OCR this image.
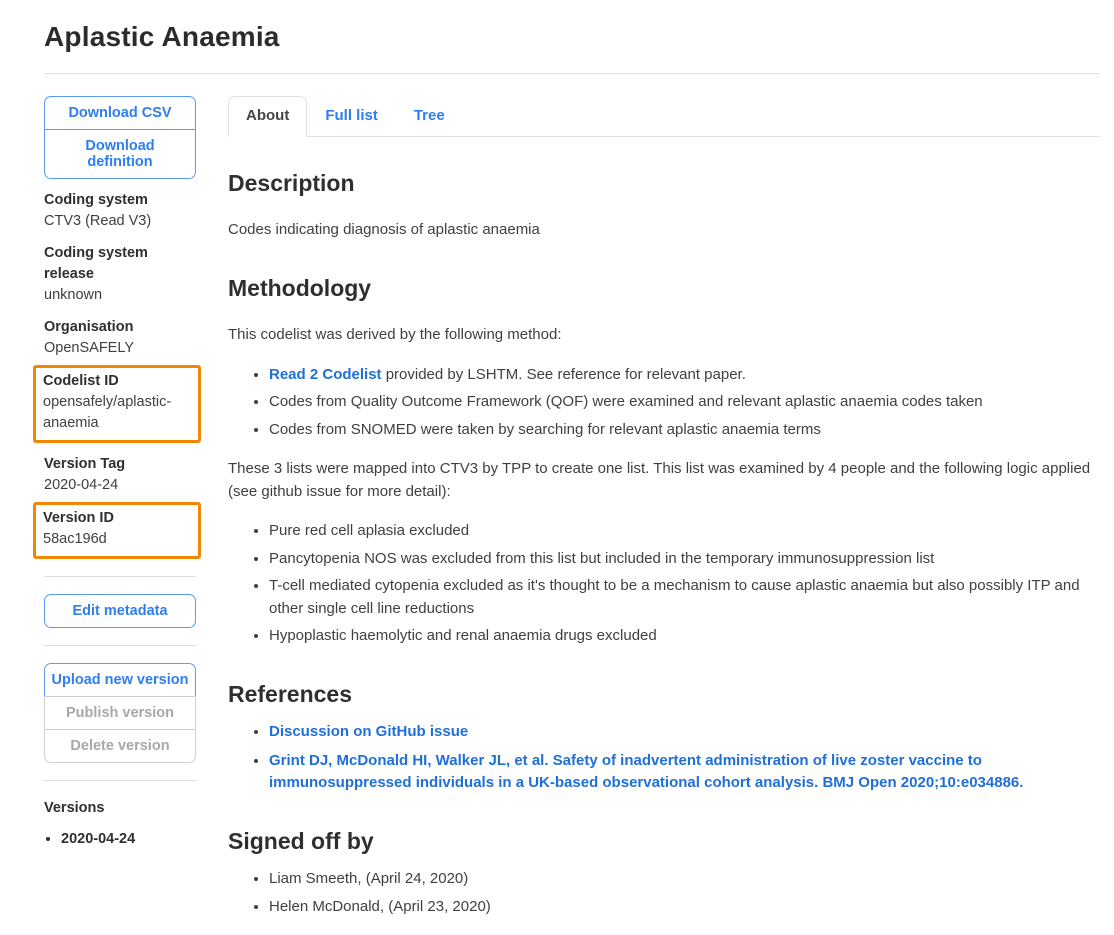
Aplastic Anaemia
Download CSV
Download definition
Coding system
CTV3 (Read V3)
Coding system release
unknown
Organisation
OpenSAFELY
Codelist ID
opensafely/aplastic-anaemia
Version Tag
2020-04-24
Version ID
58ac196d
Edit metadata
Upload new version
Publish version
Delete version
Versions
• 2020-04-24
About	Full list	Tree
Description

Codes indicating diagnosis of aplastic anaemia

Methodology

This codelist was derived by the following method:

• Read 2 Codelist provided by LSHTM. See reference for relevant paper.
• Codes from Quality Outcome Framework (QOF) were examined and relevant aplastic anaemia codes taken
• Codes from SNOMED were taken by searching for relevant aplastic anaemia terms

These 3 lists were mapped into CTV3 by TPP to create one list. This list was examined by 4 people and the following logic applied (see github issue for more detail):

• Pure red cell aplasia excluded
• Pancytopenia NOS was excluded from this list but included in the temporary immunosuppression list
• T-cell mediated cytopenia excluded as it's thought to be a mechanism to cause aplastic anaemia but also possibly ITP and other single cell line reductions
• Hypoplastic haemolytic and renal anaemia drugs excluded
References
• Discussion on GitHub issue
• Grint DJ, McDonald HI, Walker JL, et al. Safety of inadvertent administration of live zoster vaccine to immunosuppressed individuals in a UK-based observational cohort analysis. BMJ Open 2020;10:e034886.
Signed off by
• Liam Smeeth, (April 24, 2020)
• Helen McDonald, (April 23, 2020)
